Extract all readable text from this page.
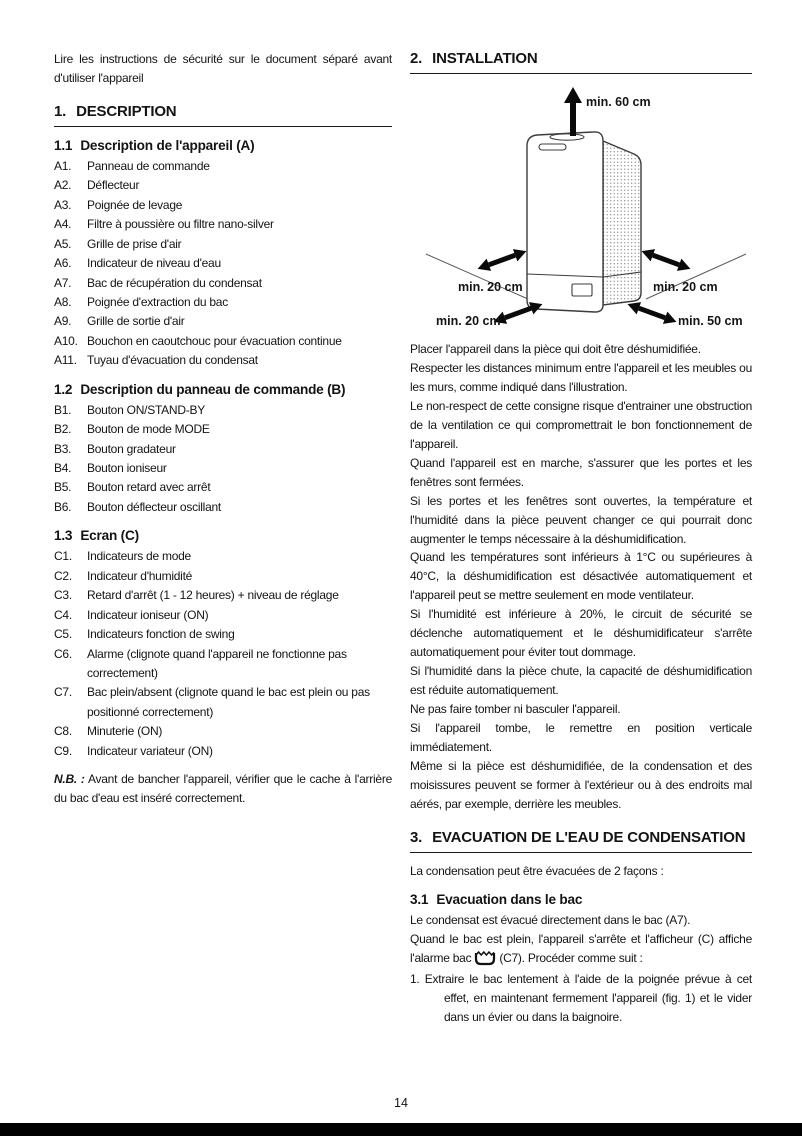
Lire les instructions de sécurité sur le document séparé avant d'utiliser l'appareil

1. DESCRIPTION
1.1 Description de l'appareil (A)
A1.	Panneau de commande
A2.	Déflecteur
A3.	Poignée de levage
A4.	Filtre à poussière ou filtre nano-silver
A5.	Grille de prise d'air
A6.	Indicateur de niveau d'eau
A7.	Bac de récupération du condensat
A8.	Poignée d'extraction du bac
A9.	Grille de sortie d'air
A10. Bouchon en caoutchouc pour évacuation continue
A11. Tuyau d'évacuation du condensat
1.2 Description du panneau de commande (B)
B1.	Bouton ON/STAND-BY
B2.	Bouton de mode MODE
B3.	Bouton gradateur
B4.	Bouton ioniseur
B5.	Bouton retard avec arrêt
B6.	Bouton déflecteur oscillant
1.3 Ecran (C)
C1.	Indicateurs de mode
C2.	Indicateur d'humidité
C3.	Retard d'arrêt (1 - 12 heures) + niveau de réglage
C4.	Indicateur ioniseur (ON)
C5.	Indicateurs fonction de swing
C6.	Alarme (clignote quand l'appareil ne fonctionne pas correctement)
C7.	Bac plein/absent (clignote quand le bac est plein ou pas positionné correctement)
C8.	Minuterie (ON)
C9.	Indicateur variateur (ON)

N.B. : Avant de bancher l'appareil, vérifier que le cache à l'arrière du bac d'eau est inséré correctement.

2. INSTALLATION
min. 60 cm
min. 20 cm	min. 20 cm
min. 20 cm	min. 50 cm

Placer l'appareil dans la pièce qui doit être déshumidifiée.

Respecter les distances minimum entre l'appareil et les meubles ou les murs, comme indiqué dans l'illustration.

Le non-respect de cette consigne risque d'entrainer une obstruction de la ventilation ce qui compromettrait le bon fonctionnement de l'appareil.

Quand l'appareil est en marche, s'assurer que les portes et les fenêtres sont fermées.

Si les portes et les fenêtres sont ouvertes, la température et l'humidité dans la pièce peuvent changer ce qui pourrait donc augmenter le temps nécessaire à la déshumidification.

Quand les températures sont inférieurs à 1°C ou supérieures à 40°C, la déshumidification est désactivée automatiquement et l'appareil peut se mettre seulement en mode ventilateur.

Si l'humidité est inférieure à 20%, le circuit de sécurité se déclenche automatiquement et le déshumidificateur s'arrête automatiquement pour éviter tout dommage.

Si l'humidité dans la pièce chute, la capacité de déshumidification est réduite automatiquement.

Ne pas faire tomber ni basculer l'appareil.

Si l'appareil tombe, le remettre en position verticale immédiatement.

Même si la pièce est déshumidifiée, de la condensation et des moisissures peuvent se former à l'extérieur ou à des endroits mal aérés, par exemple, derrière les meubles.

3. EVACUATION DE L'EAU DE CONDENSATION

La condensation peut être évacuées de 2 façons :

3.1 Evacuation dans le bac

Le condensat est évacué directement dans le bac (A7).

Quand le bac est plein, l'appareil s'arrête et l'afficheur (C) affiche l'alarme bac (C7). Procéder comme suit :

1. Extraire le bac lentement à l'aide de la poignée prévue à cet effet, en maintenant fermement l'appareil (fig. 1) et le vider dans un évier ou dans la baignoire.
14
